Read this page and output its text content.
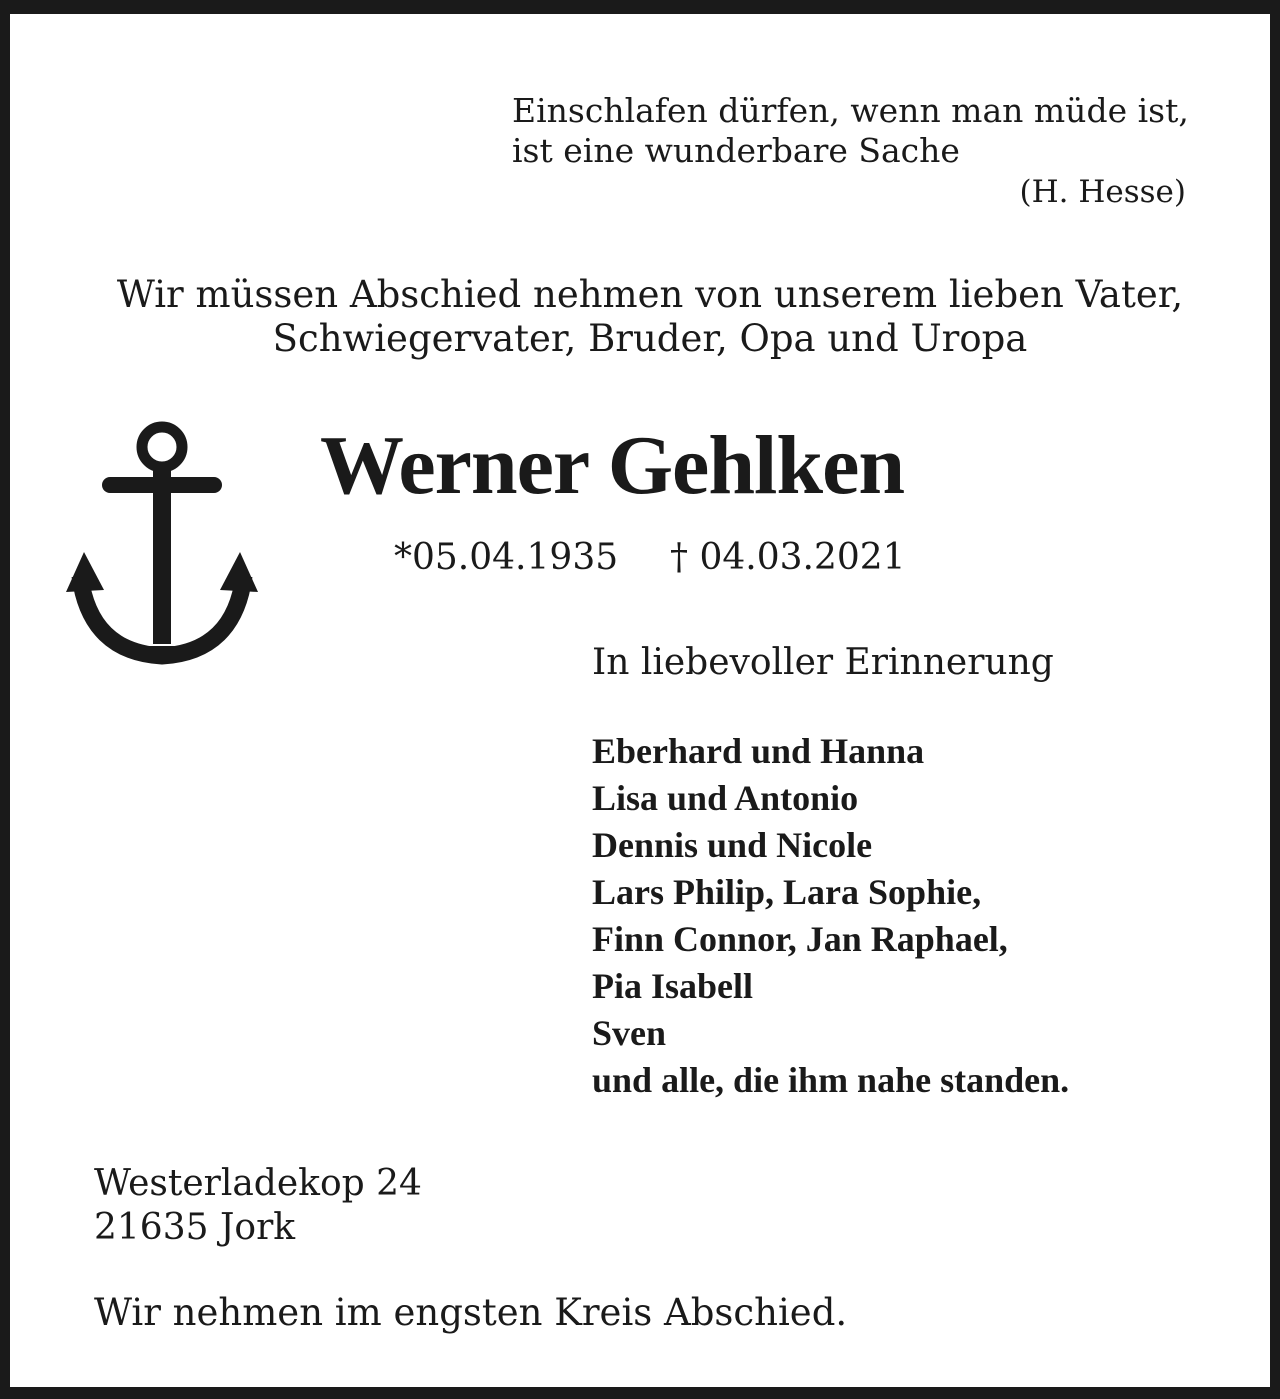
Einschlafen dürfen, wenn man müde ist,
ist eine wunderbare Sache
(H. Hesse)
Wir müssen Abschied nehmen von unserem lieben Vater,
Schwiegervater, Bruder, Opa und Uropa
Werner Gehlken
*05.04.1935 † 04.03.2021
In liebevoller Erinnerung
Eberhard und Hanna
Lisa und Antonio
Dennis und Nicole
Lars Philip, Lara Sophie,
Finn Connor, Jan Raphael,
Pia Isabell
Sven
und alle, die ihm nahe standen.
Westerladekop 24
21635 Jork
Wir nehmen im engsten Kreis Abschied.
